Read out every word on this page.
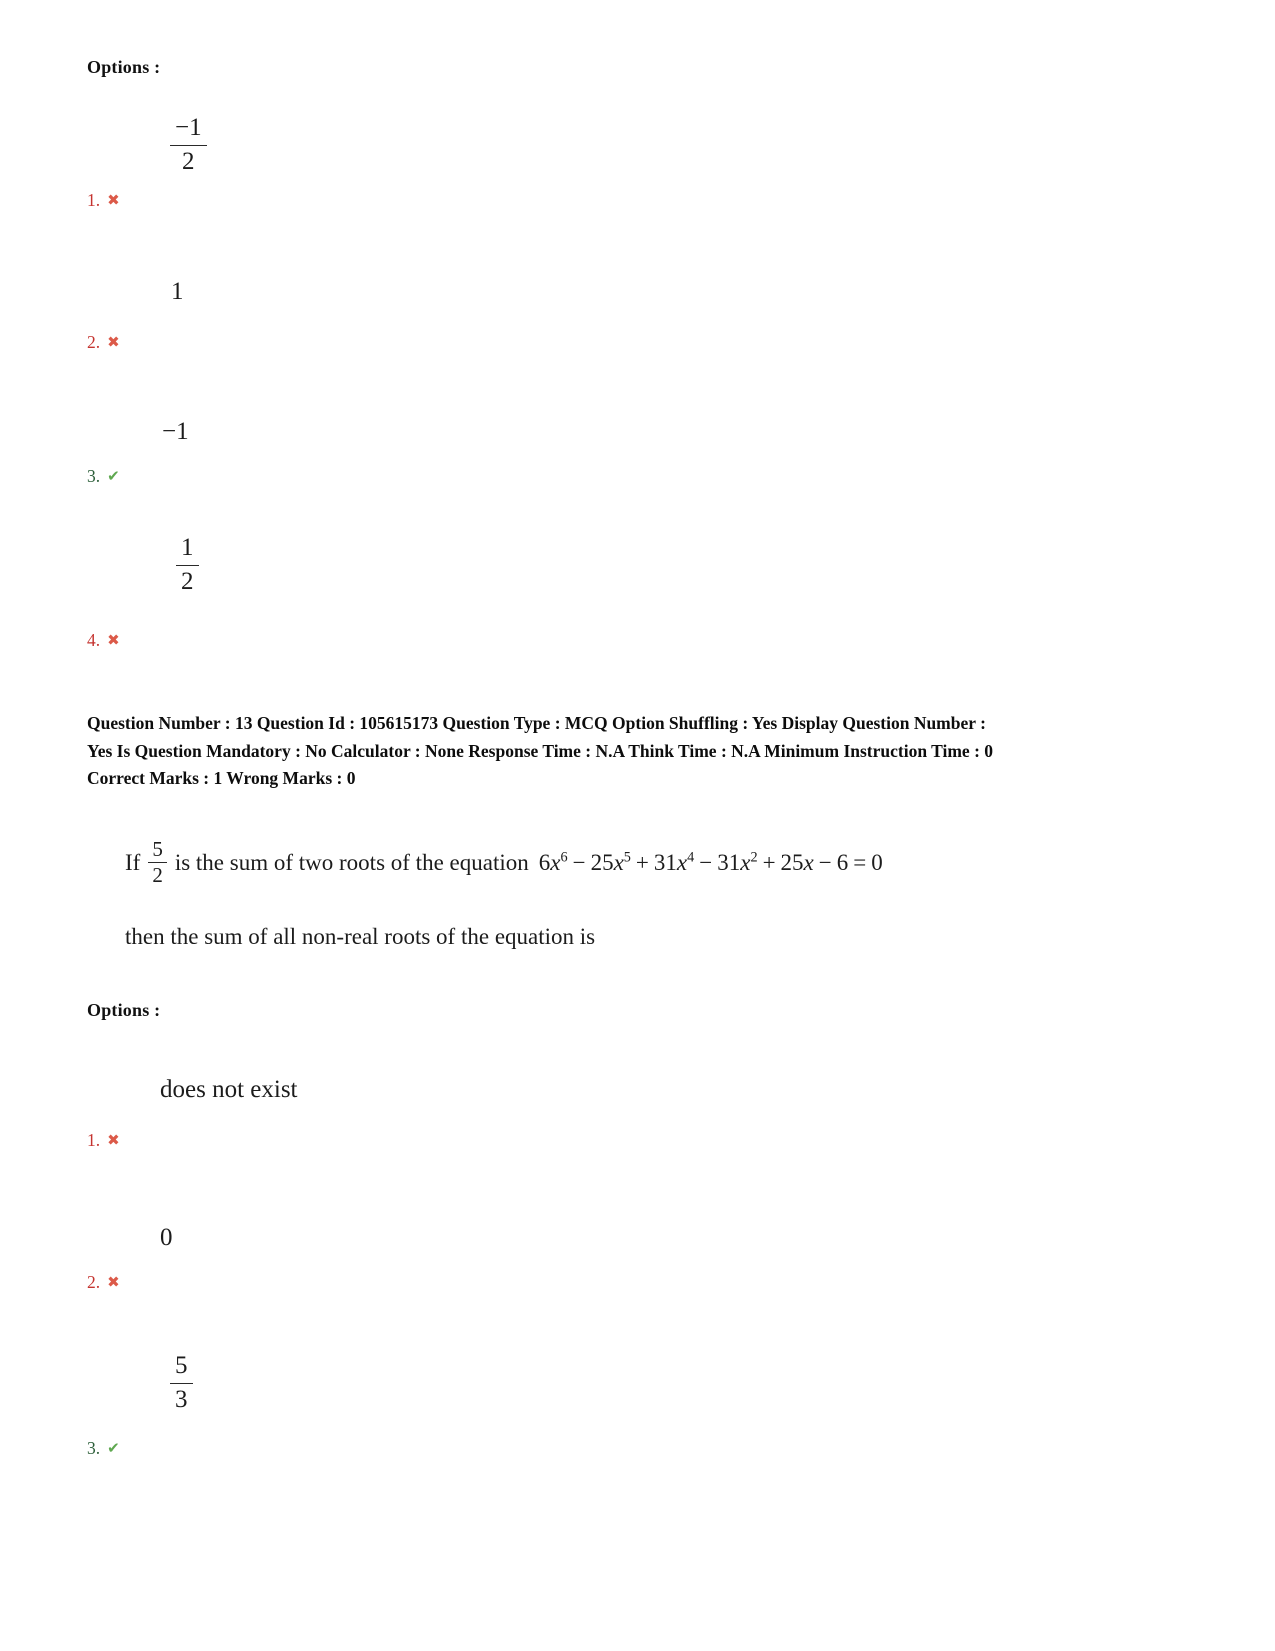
Options :
$\frac{-1}{2}$
1. ✖
1
2. ✖
−1
3. ✔
$\frac{1}{2}$
4. ✖
Question Number : 13 Question Id : 105615173 Question Type : MCQ Option Shuffling : Yes Display Question Number :
Yes Is Question Mandatory : No Calculator : None Response Time : N.A Think Time : N.A Minimum Instruction Time : 0
Correct Marks : 1 Wrong Marks : 0
If $\frac{5}{2}$ is the sum of two roots of the equation $6x^6 - 25x^5 + 31x^4 - 31x^2 + 25x - 6 = 0$
then the sum of all non-real roots of the equation is
Options :
does not exist
1. ✖
0
2. ✖
$\frac{5}{3}$
3. ✔
